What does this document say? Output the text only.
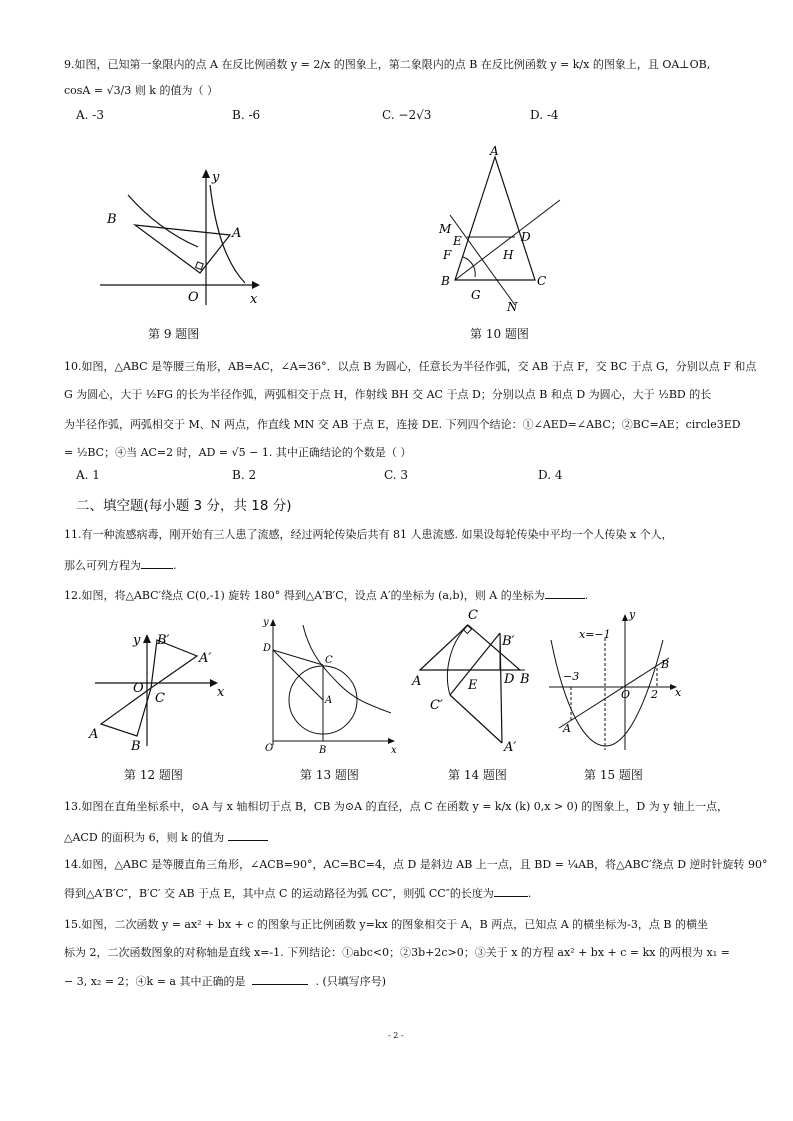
9.如图，已知第一象限内的点 A 在反比例函数 y = 2/x 的图象上，第二象限内的点 B 在反比例函数 y = k/x 的图象上，且 OA⊥OB,
cosA = √3/3 则 k 的值为（ ）
A. -3	B. -6	C. −2√3	D. -4
y
x
A
B
O
第 9 题图
A
M
E	D
F	H
B
G
C
N
第 10 题图
10.如图，△ABC 是等腰三角形，AB=AC，∠A=36°．以点 B 为圆心，任意长为半径作弧，交 AB 于点 F，交 BC 于点 G，分别以点 F 和点
G 为圆心，大于 ½FG 的长为半径作弧，两弧相交于点 H，作射线 BH 交 AC 于点 D；分别以点 B 和点 D 为圆心，大于 ½BD 的长
为半径作弧，两弧相交于 M、N 两点，作直线 MN 交 AB 于点 E，连接 DE. 下列四个结论：①∠AED=∠ABC；②BC=AE；circle3ED
= ½BC；④当 AC=2 时，AD = √5 − 1. 其中正确结论的个数是（ ）
A. 1	B. 2	C. 3	D. 4
二、填空题(每小题 3 分，共 18 分)
11.有一种流感病毒，刚开始有三人患了流感，经过两轮传染后共有 81 人患流感. 如果设每轮传染中平均一个人传染 x 个人，
那么可列方程为	.
12.如图，将△ABC′绕点 C(0,-1) 旋转 180° 得到△A′B′C，设点 A′的坐标为 (a,b)，则 A 的坐标为	.
y
x
B′
A′
O
C
A
B
第 12 题图
y
x
D
C
A
O	B
第 13 题图
C
B′
A	E D B
C′
A′
第 14 题图
y
x
x=−1
−3
O 2
B
A
第 15 题图
13.如图在直角坐标系中，⊙A 与 x 轴相切于点 B，CB 为⊙A 的直径，点 C 在函数 y = k/x (k) 0,x > 0) 的图象上，D 为 y 轴上一点，
△ACD 的面积为 6，则 k 的值为
14.如图，△ABC 是等腰直角三角形，∠ACB=90°，AC=BC=4，点 D 是斜边 AB 上一点，且 BD = ¼AB，将△ABC′绕点 D 逆时针旋转 90°
得到△A′B′C″，B′C′ 交 AB 于点 E，其中点 C 的运动路径为弧 CC″，则弧 CC″的长度为	.
15.如图，二次函数 y = ax² + bx + c 的图象与正比例函数 y=kx 的图象相交于 A，B 两点，已知点 A 的横坐标为-3，点 B 的横坐
标为 2，二次函数图象的对称轴是直线 x=-1. 下列结论：①abc<0；②3b+2c>0；③关于 x 的方程 ax² + bx + c = kx 的两根为 x₁ =
− 3, x₂ = 2；④k = a 其中正确的是	. (只填写序号)
- 2 -
